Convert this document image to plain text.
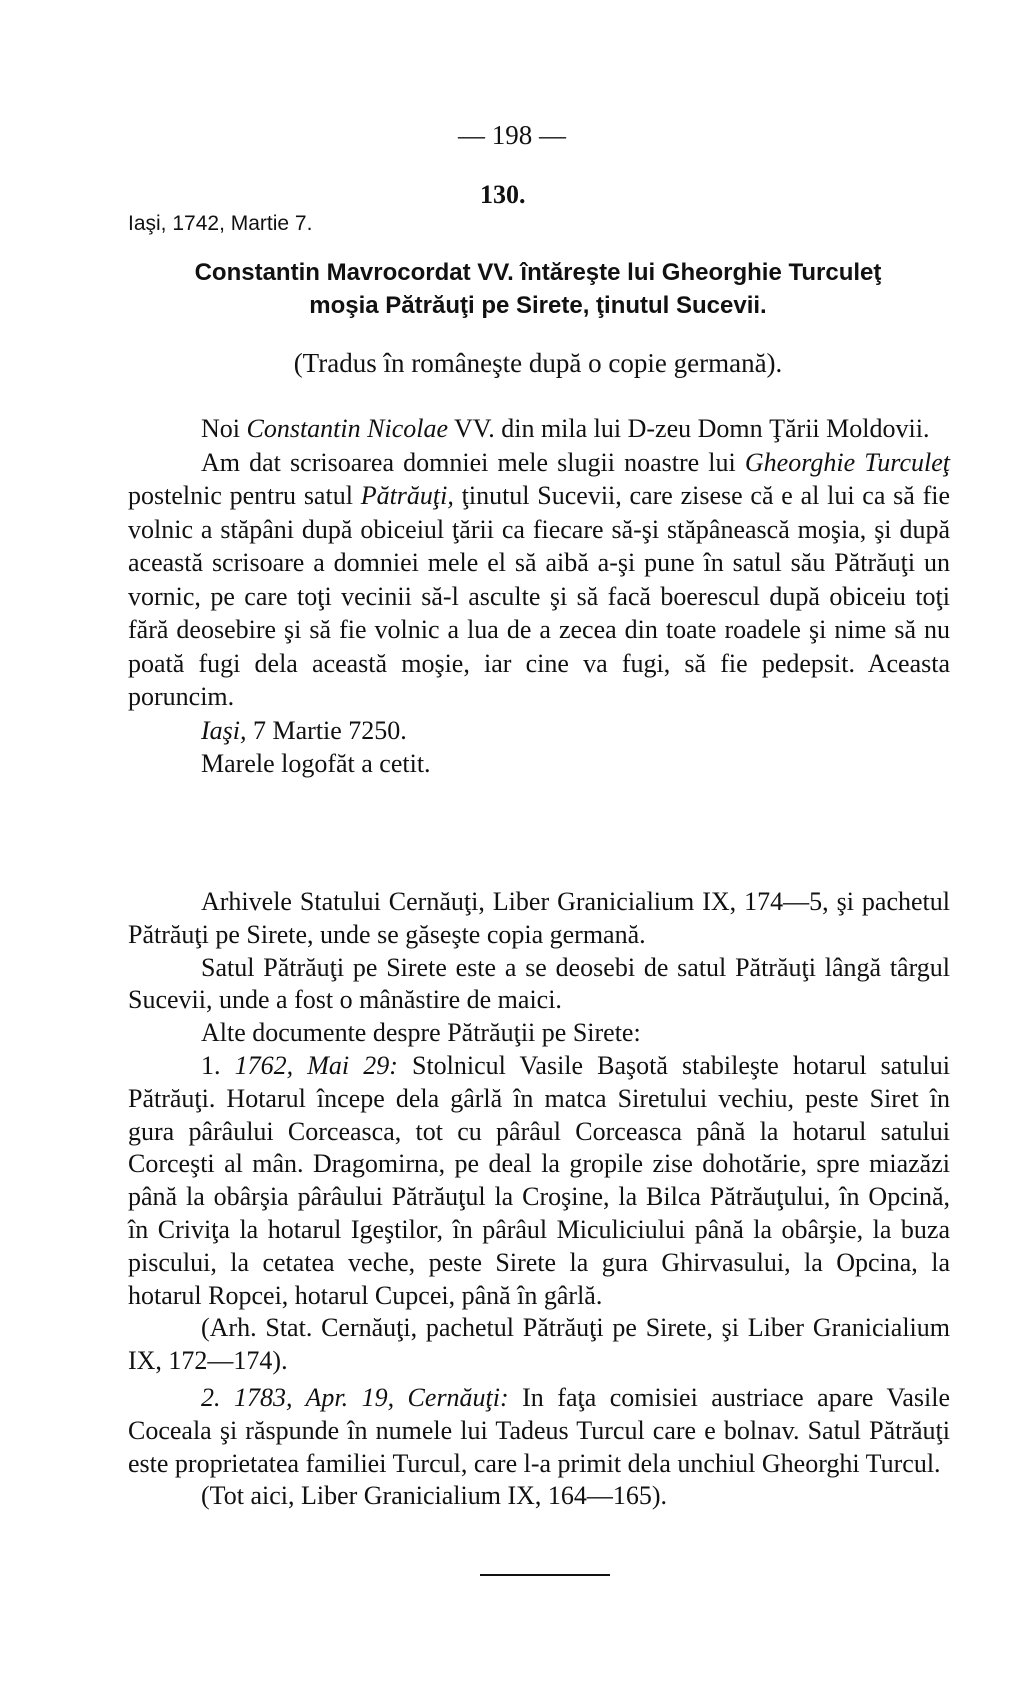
— 198 —
130.
Iaşi, 1742, Martie 7.
Constantin Mavrocordat VV. întăreşte lui Gheorghie Turculeţ
moşia Pătrăuţi pe Sirete, ţinutul Sucevii.
(Tradus în româneşte după o copie germană).

Noi Constantin Nicolae VV. din mila lui D-zeu Domn Ţării Moldovii.

Am dat scrisoarea domniei mele slugii noastre lui Gheorghie Turculeţ postelnic pentru satul Pătrăuţi, ţinutul Sucevii, care zisese că e al lui ca să fie volnic a stăpâni după obiceiul ţării ca fiecare să-şi stăpânească moşia, şi după această scrisoare a domniei mele el să aibă a-şi pune în satul său Pătrăuţi un vornic, pe care toţi vecinii să-l asculte şi să facă boerescul după obiceiu toţi fără deosebire şi să fie volnic a lua de a zecea din toate roadele şi nime să nu poată fugi dela această moşie, iar cine va fugi, să fie pedepsit. Aceasta poruncim.

Iaşi, 7 Martie 7250.

Marele logofăt a cetit.

Arhivele Statului Cernăuţi, Liber Granicialium IX, 174—5, şi pachetul Pătrăuţi pe Sirete, unde se găseşte copia germană.

Satul Pătrăuţi pe Sirete este a se deosebi de satul Pătrăuţi lângă târgul Sucevii, unde a fost o mânăstire de maici.

Alte documente despre Pătrăuţii pe Sirete:

1. 1762, Mai 29: Stolnicul Vasile Başotă stabileşte hotarul satului Pătrăuţi. Hotarul începe dela gârlă în matca Siretului vechiu, peste Siret în gura pârâului Corceasca, tot cu pârâul Corceasca până la hotarul satului Corceşti al mân. Dragomirna, pe deal la gropile zise dohotărie, spre miazăzi până la obârşia pârâului Pătrăuţul la Croşine, la Bilca Pătrăuţului, în Opcină, în Criviţa la hotarul Igeştilor, în pârâul Miculiciului până la obârşie, la buza piscului, la cetatea veche, peste Sirete la gura Ghirvasului, la Opcina, la hotarul Ropcei, hotarul Cupcei, până în gârlă.

(Arh. Stat. Cernăuţi, pachetul Pătrăuţi pe Sirete, şi Liber Granicialium IX, 172—174).

2. 1783, Apr. 19, Cernăuţi: In faţa comisiei austriace apare Vasile Coceala şi răspunde în numele lui Tadeus Turcul care e bolnav. Satul Pătrăuţi este proprietatea familiei Turcul, care l-a primit dela unchiul Gheorghi Turcul.

(Tot aici, Liber Granicialium IX, 164—165).
